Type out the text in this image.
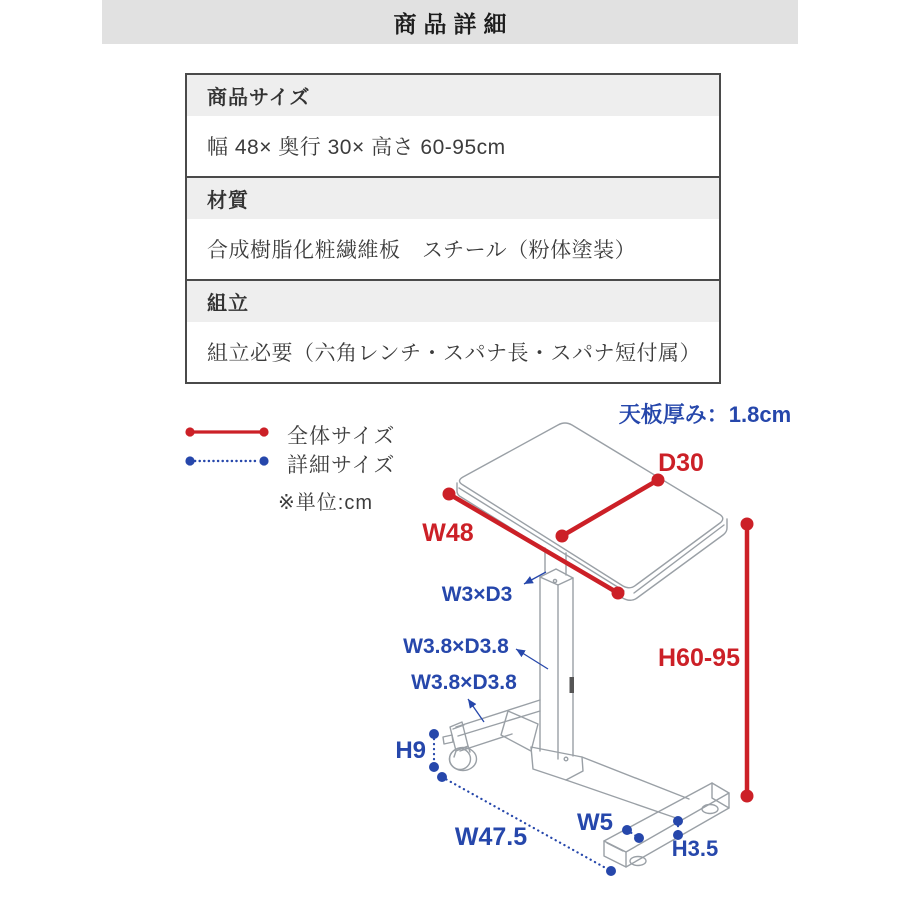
商品詳細
商品サイズ
幅 48× 奥行 30× 高さ 60-95cm
材質
合成樹脂化粧繊維板　スチール（粉体塗装）
組立
組立必要（六角レンチ・スパナ長・スパナ短付属）
全体サイズ
詳細サイズ
※単位:cm
W48
D30
H60-95
天板厚み：1.8cm
W3×D3
W3.8×D3.8
W3.8×D3.8
H9
W47.5
W5
H3.5
